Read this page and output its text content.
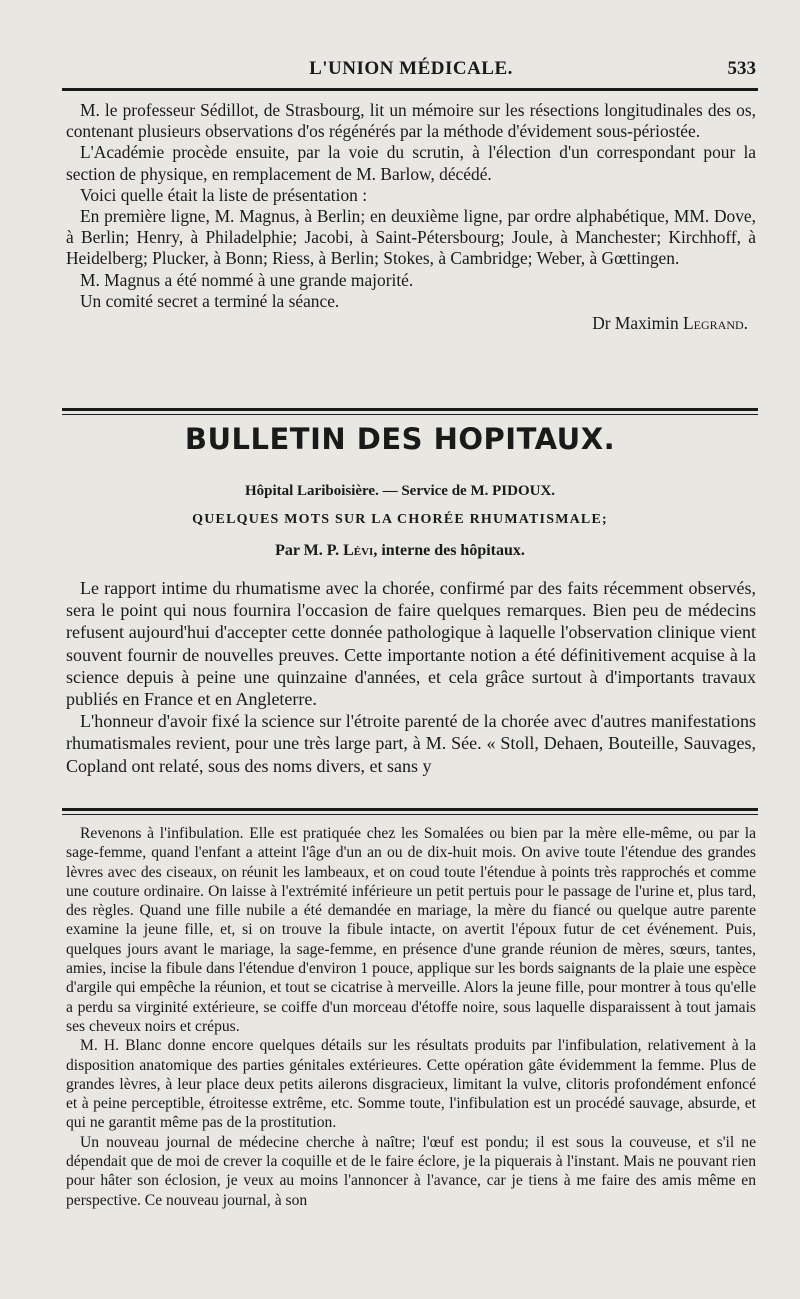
L'UNION MÉDICALE.	533

M. le professeur Sédillot, de Strasbourg, lit un mémoire sur les résections longitudinales des os, contenant plusieurs observations d'os régénérés par la méthode d'évidement sous-périostée.

L'Académie procède ensuite, par la voie du scrutin, à l'élection d'un correspondant pour la section de physique, en remplacement de M. Barlow, décédé.

Voici quelle était la liste de présentation :

En première ligne, M. Magnus, à Berlin; en deuxième ligne, par ordre alphabétique, MM. Dove, à Berlin; Henry, à Philadelphie; Jacobi, à Saint-Pétersbourg; Joule, à Manchester; Kirchhoff, à Heidelberg; Plucker, à Bonn; Riess, à Berlin; Stokes, à Cambridge; Weber, à Gœttingen.

M. Magnus a été nommé à une grande majorité.

Un comité secret a terminé la séance.

Dr Maximin Legrand.
BULLETIN DES HOPITAUX.
Hôpital Lariboisière. — Service de M. PIDOUX.
QUELQUES MOTS SUR LA CHORÉE RHUMATISMALE;
Par M. P. Lévi, interne des hôpitaux.

Le rapport intime du rhumatisme avec la chorée, confirmé par des faits récemment observés, sera le point qui nous fournira l'occasion de faire quelques remarques. Bien peu de médecins refusent aujourd'hui d'accepter cette donnée pathologique à laquelle l'observation clinique vient souvent fournir de nouvelles preuves. Cette importante notion a été définitivement acquise à la science depuis à peine une quinzaine d'années, et cela grâce surtout à d'importants travaux publiés en France et en Angleterre.

L'honneur d'avoir fixé la science sur l'étroite parenté de la chorée avec d'autres manifestations rhumatismales revient, pour une très large part, à M. Sée. « Stoll, Dehaen, Bouteille, Sauvages, Copland ont relaté, sous des noms divers, et sans y

Revenons à l'infibulation. Elle est pratiquée chez les Somalées ou bien par la mère elle-même, ou par la sage-femme, quand l'enfant a atteint l'âge d'un an ou de dix-huit mois. On avive toute l'étendue des grandes lèvres avec des ciseaux, on réunit les lambeaux, et on coud toute l'étendue à points très rapprochés et comme une couture ordinaire. On laisse à l'extrémité inférieure un petit pertuis pour le passage de l'urine et, plus tard, des règles. Quand une fille nubile a été demandée en mariage, la mère du fiancé ou quelque autre parente examine la jeune fille, et, si on trouve la fibule intacte, on avertit l'époux futur de cet événement. Puis, quelques jours avant le mariage, la sage-femme, en présence d'une grande réunion de mères, sœurs, tantes, amies, incise la fibule dans l'étendue d'environ 1 pouce, applique sur les bords saignants de la plaie une espèce d'argile qui empêche la réunion, et tout se cicatrise à merveille. Alors la jeune fille, pour montrer à tous qu'elle a perdu sa virginité extérieure, se coiffe d'un morceau d'étoffe noire, sous laquelle disparaissent à tout jamais ses cheveux noirs et crépus.

M. H. Blanc donne encore quelques détails sur les résultats produits par l'infibulation, relativement à la disposition anatomique des parties génitales extérieures. Cette opération gâte évidemment la femme. Plus de grandes lèvres, à leur place deux petits ailerons disgracieux, limitant la vulve, clitoris profondément enfoncé et à peine perceptible, étroitesse extrême, etc. Somme toute, l'infibulation est un procédé sauvage, absurde, et qui ne garantit même pas de la prostitution.

Un nouveau journal de médecine cherche à naître; l'œuf est pondu; il est sous la couveuse, et s'il ne dépendait que de moi de crever la coquille et de le faire éclore, je la piquerais à l'instant. Mais ne pouvant rien pour hâter son éclosion, je veux au moins l'annoncer à l'avance, car je tiens à me faire des amis même en perspective. Ce nouveau journal, à son
